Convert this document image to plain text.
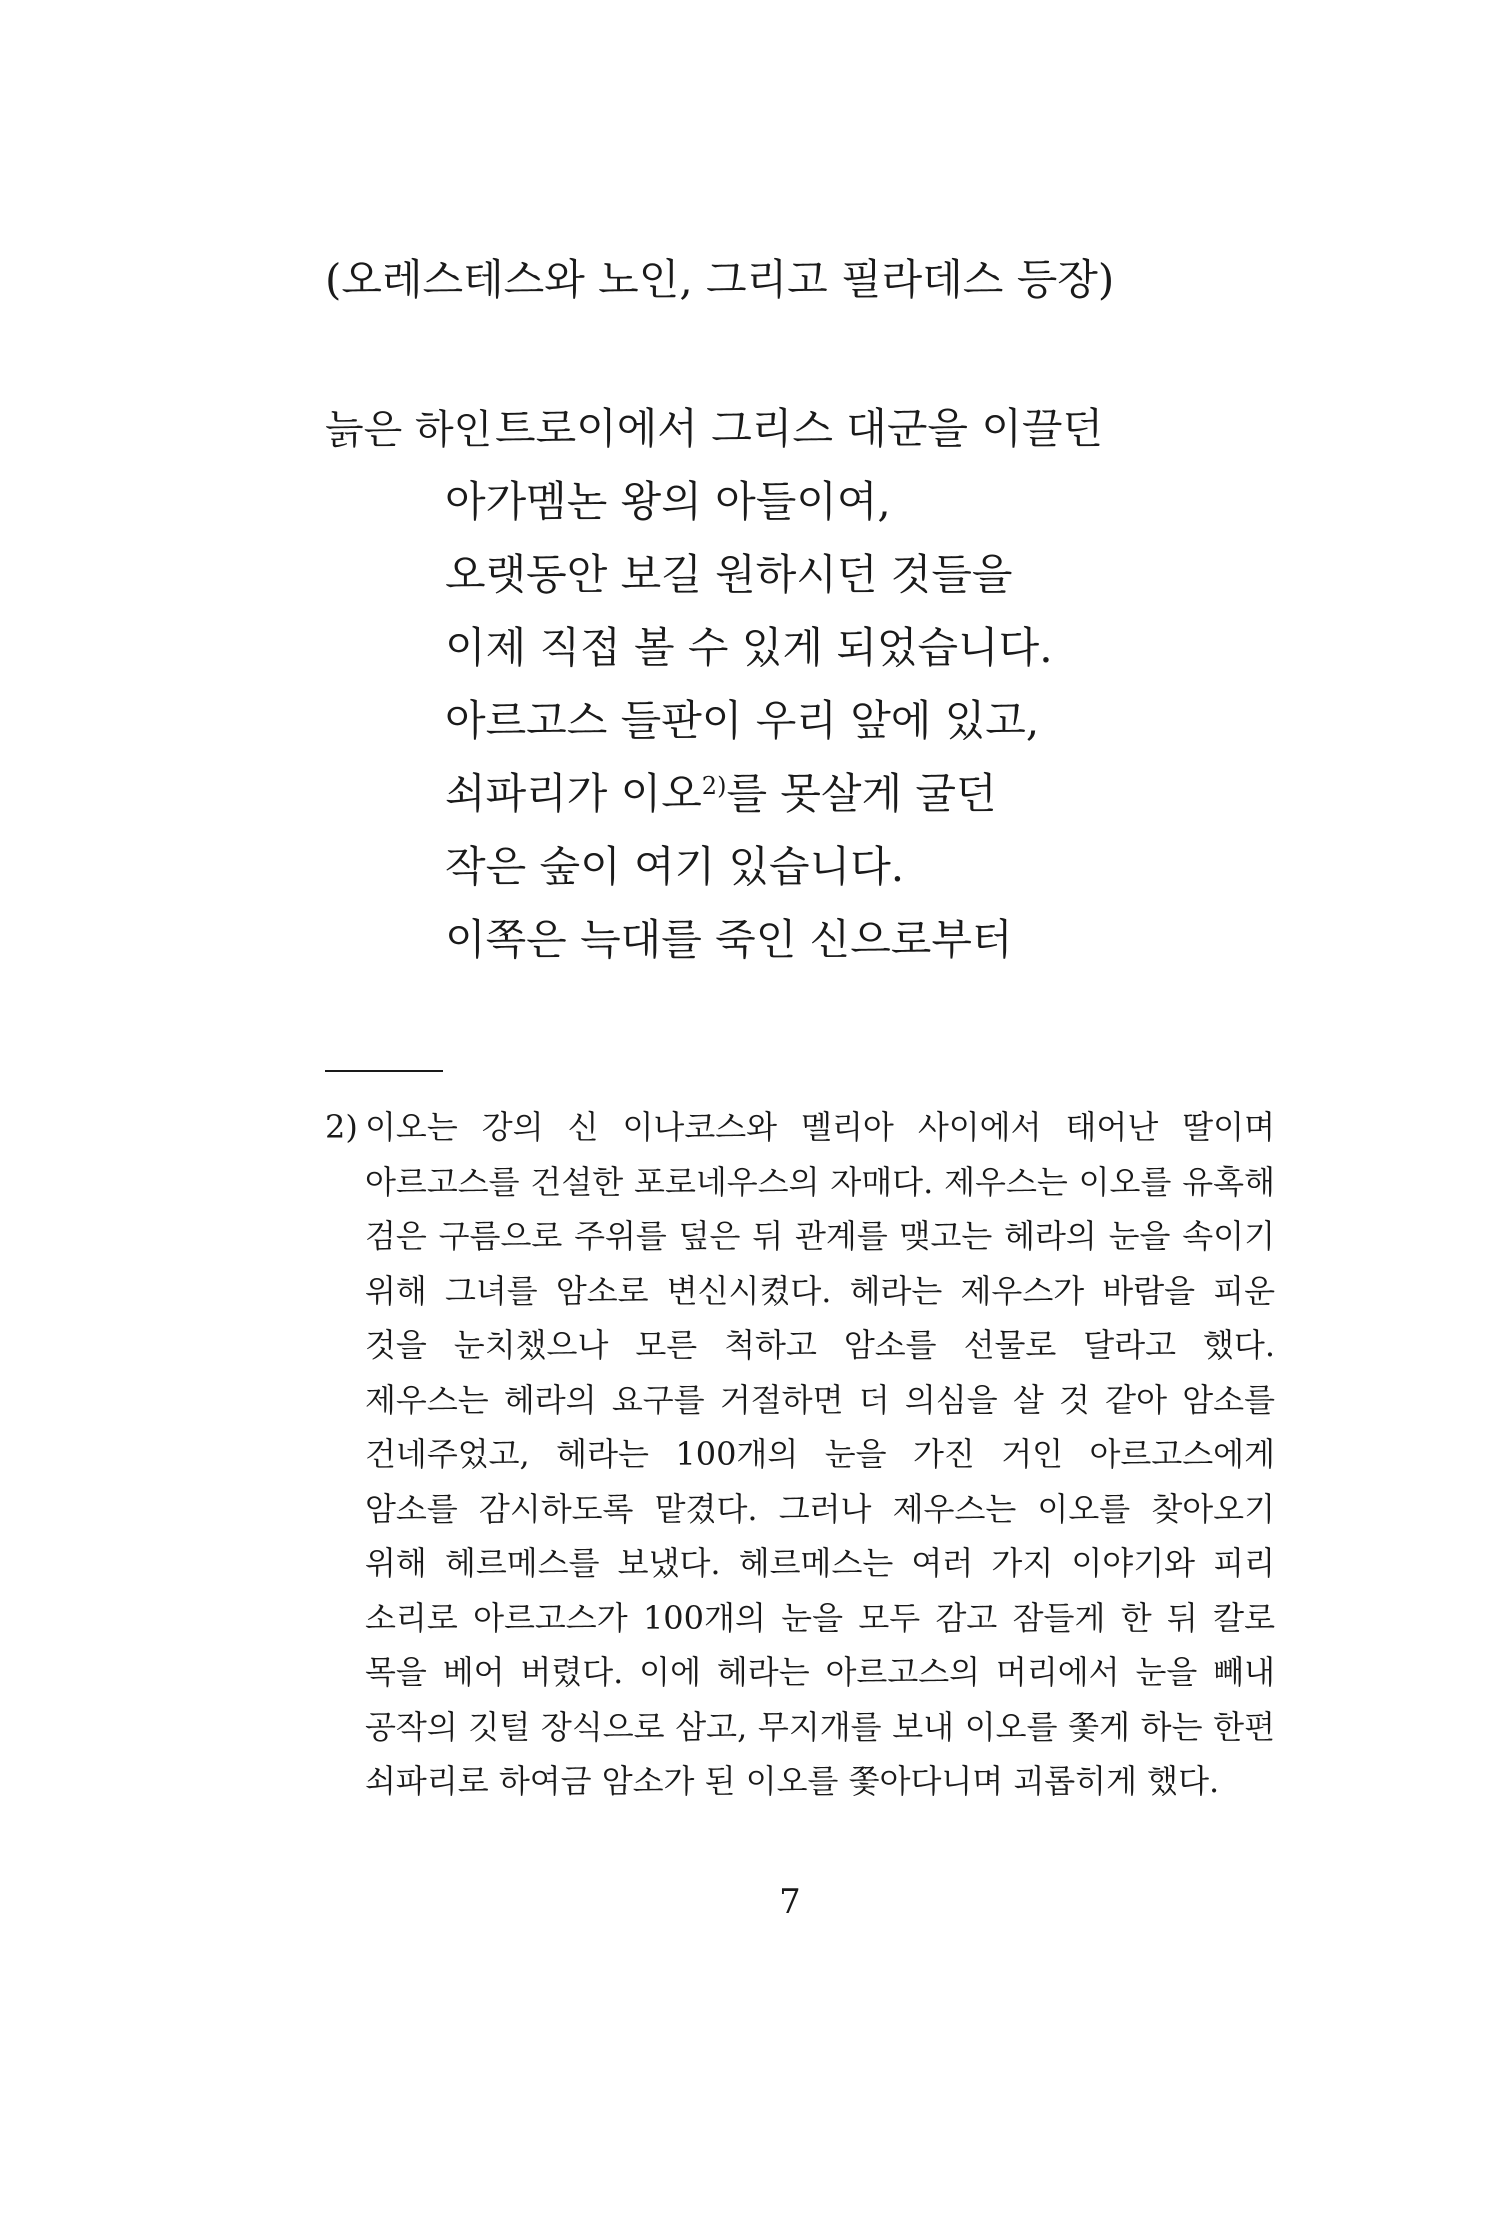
(오레스테스와 노인, 그리고 필라데스 등장)
늙은 하인트로이에서 그리스 대군을 이끌던
아가멤논 왕의 아들이여,
오랫동안 보길 원하시던 것들을
이제 직접 볼 수 있게 되었습니다.
아르고스 들판이 우리 앞에 있고,
쇠파리가 이오$^{2)}$를 못살게 굴던
작은 숲이 여기 있습니다.
이쪽은 늑대를 죽인 신으로부터
2) 이오는 강의 신 이나코스와 멜리아 사이에서 태어난 딸이며 아르고스를 건설한 포로네우스의 자매다. 제우스는 이오를 유혹해 검은 구름으로 주위를 덮은 뒤 관계를 맺고는 헤라의 눈을 속이기 위해 그녀를 암소로 변신시켰다. 헤라는 제우스가 바람을 피운 것을 눈치챘으나 모른 척하고 암소를 선물로 달라고 했다. 제우스는 헤라의 요구를 거절하면 더 의심을 살 것 같아 암소를 건네주었고, 헤라는 100개의 눈을 가진 거인 아르고스에게 암소를 감시하도록 맡겼다. 그러나 제우스는 이오를 찾아오기 위해 헤르메스를 보냈다. 헤르메스는 여러 가지 이야기와 피리 소리로 아르고스가 100개의 눈을 모두 감고 잠들게 한 뒤 칼로 목을 베어 버렸다. 이에 헤라는 아르고스의 머리에서 눈을 빼내 공작의 깃털 장식으로 삼고, 무지개를 보내 이오를 쫓게 하는 한편 쇠파리로 하여금 암소가 된 이오를 쫓아다니며 괴롭히게 했다.
7
